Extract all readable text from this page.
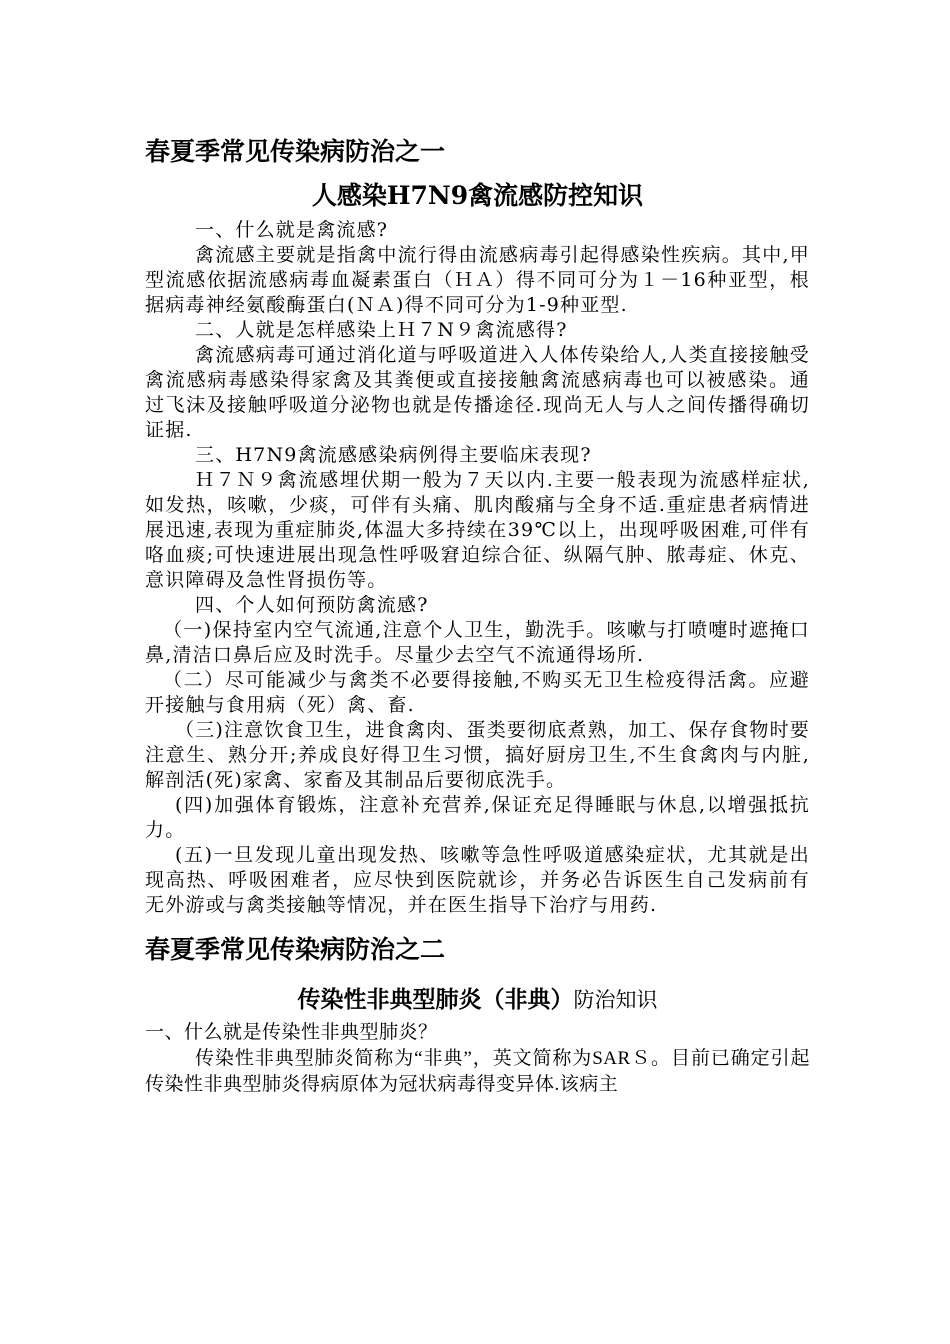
春夏季常见传染病防治之一
人感染H7N9禽流感防控知识

一、什么就是禽流感?

禽流感主要就是指禽中流行得由流感病毒引起得感染性疾病。其中,甲型流感依据流感病毒血凝素蛋白（ＨＡ）得不同可分为１－16种亚型，根据病毒神经氨酸酶蛋白(ＮＡ)得不同可分为1-9种亚型.

二、人就是怎样感染上Ｈ７N９禽流感得?

禽流感病毒可通过消化道与呼吸道进入人体传染给人,人类直接接触受禽流感病毒感染得家禽及其粪便或直接接触禽流感病毒也可以被感染。通过飞沫及接触呼吸道分泌物也就是传播途径.现尚无人与人之间传播得确切证据.

三、H7N9禽流感感染病例得主要临床表现?

Ｈ７Ｎ９禽流感埋伏期一般为７天以内.主要一般表现为流感样症状,如发热，咳嗽，少痰，可伴有头痛、肌肉酸痛与全身不适.重症患者病情进展迅速,表现为重症肺炎,体温大多持续在39℃以上，出现呼吸困难,可伴有咯血痰;可快速进展出现急性呼吸窘迫综合征、纵隔气肿、脓毒症、休克、意识障碍及急性肾损伤等。

四、个人如何预防禽流感?

（一)保持室内空气流通,注意个人卫生，勤洗手。咳嗽与打喷嚏时遮掩口鼻,清洁口鼻后应及时洗手。尽量少去空气不流通得场所.

（二）尽可能减少与禽类不必要得接触,不购买无卫生检疫得活禽。应避开接触与食用病（死）禽、畜.

（三)注意饮食卫生，进食禽肉、蛋类要彻底煮熟，加工、保存食物时要注意生、熟分开;养成良好得卫生习惯，搞好厨房卫生,不生食禽肉与内脏,解剖活(死)家禽、家畜及其制品后要彻底洗手。

(四)加强体育锻炼，注意补充营养,保证充足得睡眠与休息,以增强抵抗力。

(五)一旦发现儿童出现发热、咳嗽等急性呼吸道感染症状，尤其就是出现高热、呼吸困难者，应尽快到医院就诊，并务必告诉医生自己发病前有无外游或与禽类接触等情况，并在医生指导下治疗与用药.

春夏季常见传染病防治之二
传染性非典型肺炎（非典）防治知识

一、什么就是传染性非典型肺炎？

传染性非典型肺炎简称为“非典”，英文简称为SARＳ。目前已确定引起传染性非典型肺炎得病原体为冠状病毒得变异体.该病主
